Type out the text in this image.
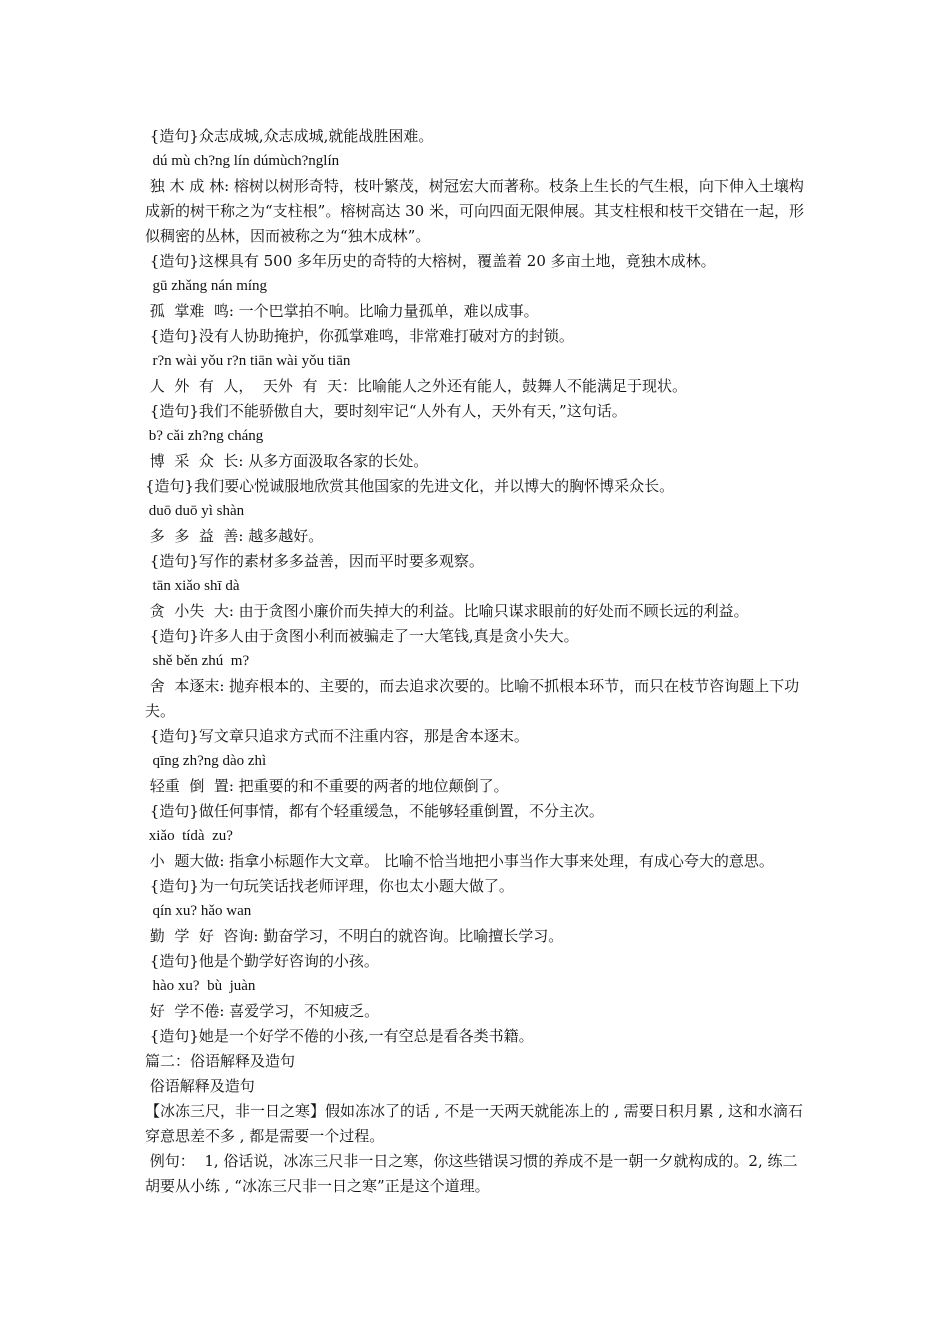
{造句}众志成城,众志成城,就能战胜困难。

dú mù ch?ng lín dúmùch?nglín

独 木 成 林: 榕树以树形奇特，枝叶繁茂，树冠宏大而著称。枝条上生长的气生根，向下伸入土壤构成新的树干称之为“支柱根”。榕树高达 30 米，可向四面无限伸展。其支柱根和枝干交错在一起，形似稠密的丛林，因而被称之为“独木成林”。

{造句}这棵具有 500 多年历史的奇特的大榕树，覆盖着 20 多亩土地，竟独木成林。

gū zhǎng nán míng

孤  掌难  鸣: 一个巴掌拍不响。比喻力量孤单，难以成事。

{造句}没有人协助掩护，你孤掌难鸣，非常难打破对方的封锁。

r?n wài yǒu r?n tiān wài yǒu tiān

人  外  有  人，  天外  有  天：比喻能人之外还有能人，鼓舞人不能满足于现状。

{造句}我们不能骄傲自大，要时刻牢记“人外有人，天外有天，”这句话。

b? cǎi zh?ng cháng

博  采  众  长: 从多方面汲取各家的长处。

{造句}我们要心悦诚服地欣赏其他国家的先进文化，并以博大的胸怀博采众长。

duō duō yì shàn

多  多  益  善: 越多越好。

{造句}写作的素材多多益善，因而平时要多观察。

tān xiǎo shī dà

贪  小失  大: 由于贪图小廉价而失掉大的利益。比喻只谋求眼前的好处而不顾长远的利益。

{造句}许多人由于贪图小利而被骗走了一大笔钱,真是贪小失大。

shě běn zhú  m?

舍  本逐末: 抛弃根本的、主要的，而去追求次要的。比喻不抓根本环节，而只在枝节咨询题上下功夫。

{造句}写文章只追求方式而不注重内容，那是舍本逐末。

qīng zh?ng dào zhì

轻重  倒  置: 把重要的和不重要的两者的地位颠倒了。

{造句}做任何事情，都有个轻重缓急，不能够轻重倒置，不分主次。

xiǎo  tídà  zu?

小  题大做: 指拿小标题作大文章。 比喻不恰当地把小事当作大事来处理，有成心夸大的意思。

{造句}为一句玩笑话找老师评理，你也太小题大做了。

qín xu? hǎo wan

勤  学  好  咨询: 勤奋学习，不明白的就咨询。比喻擅长学习。

{造句}他是个勤学好咨询的小孩。

hào xu?  bù  juàn

好  学不倦: 喜爱学习，不知疲乏。

{造句}她是一个好学不倦的小孩,一有空总是看各类书籍。

篇二：俗语解释及造句

俗语解释及造句

【冰冻三尺，非一日之寒】假如冻冰了的话 , 不是一天两天就能冻上的 , 需要日积月累 , 这和水滴石穿意思差不多 , 都是需要一个过程。

例句：  1, 俗话说，冰冻三尺非一日之寒，你这些错误习惯的养成不是一朝一夕就构成的。2, 练二胡要从小练 , “冰冻三尺非一日之寒”正是这个道理。
